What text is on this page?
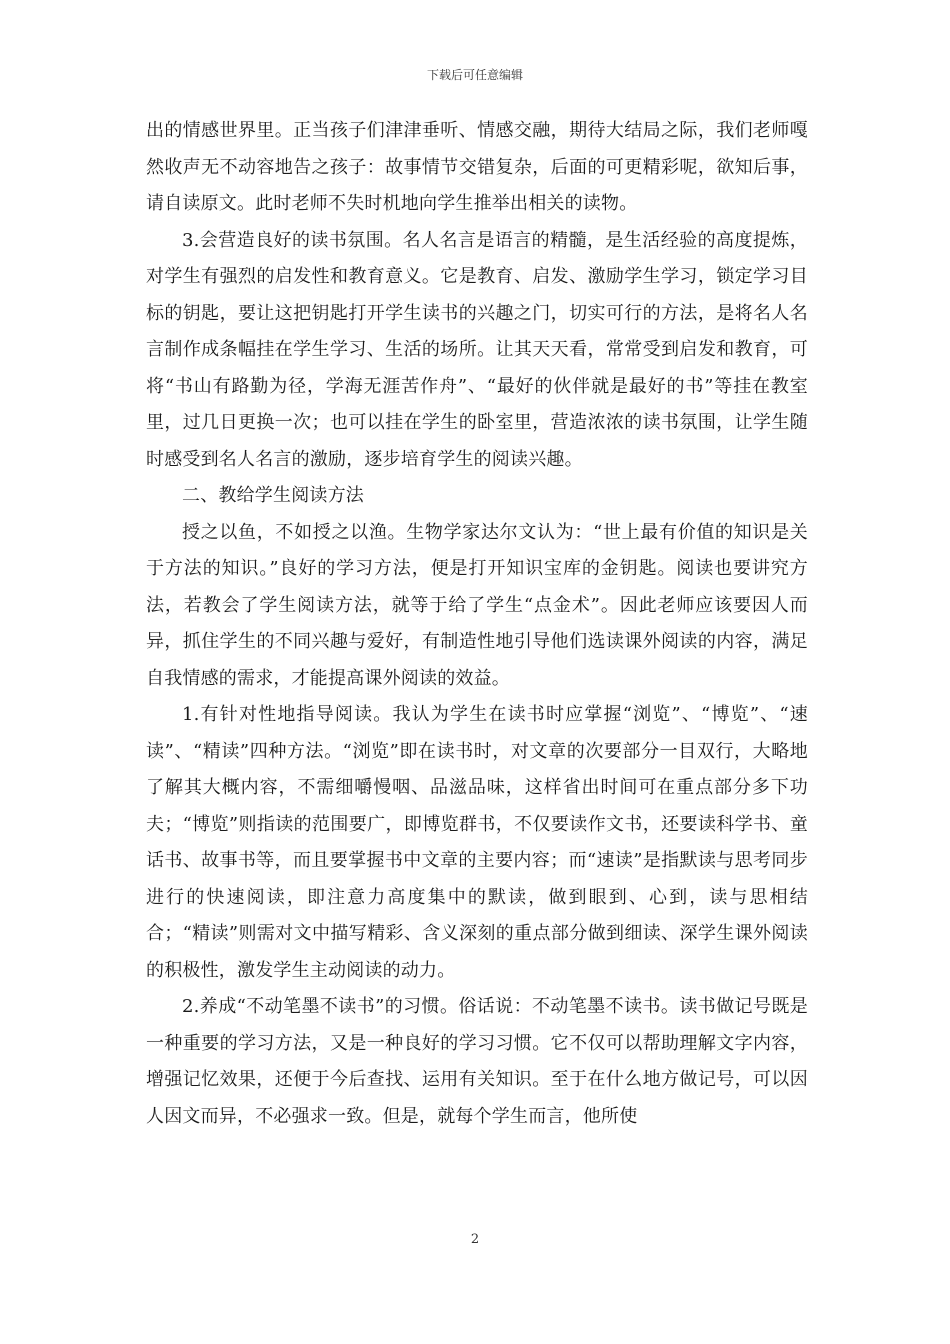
下载后可任意编辑

出的情感世界里。正当孩子们津津垂听、情感交融，期待大结局之际，我们老师嘎然收声无不动容地告之孩子：故事情节交错复杂，后面的可更精彩呢，欲知后事，请自读原文。此时老师不失时机地向学生推举出相关的读物。

3.会营造良好的读书氛围。名人名言是语言的精髓，是生活经验的高度提炼，对学生有强烈的启发性和教育意义。它是教育、启发、激励学生学习，锁定学习目标的钥匙，要让这把钥匙打开学生读书的兴趣之门，切实可行的方法，是将名人名言制作成条幅挂在学生学习、生活的场所。让其天天看，常常受到启发和教育，可将“书山有路勤为径，学海无涯苦作舟”、“最好的伙伴就是最好的书”等挂在教室里，过几日更换一次；也可以挂在学生的卧室里，营造浓浓的读书氛围，让学生随时感受到名人名言的激励，逐步培育学生的阅读兴趣。

二、教给学生阅读方法

授之以鱼，不如授之以渔。生物学家达尔文认为：“世上最有价值的知识是关于方法的知识。”良好的学习方法，便是打开知识宝库的金钥匙。阅读也要讲究方法，若教会了学生阅读方法，就等于给了学生“点金术”。因此老师应该要因人而异，抓住学生的不同兴趣与爱好，有制造性地引导他们选读课外阅读的内容，满足自我情感的需求，才能提高课外阅读的效益。

1.有针对性地指导阅读。我认为学生在读书时应掌握“浏览”、“博览”、“速读”、“精读”四种方法。“浏览”即在读书时，对文章的次要部分一目双行，大略地了解其大概内容，不需细嚼慢咽、品滋品味，这样省出时间可在重点部分多下功夫；“博览”则指读的范围要广，即博览群书，不仅要读作文书，还要读科学书、童话书、故事书等，而且要掌握书中文章的主要内容；而“速读”是指默读与思考同步进行的快速阅读，即注意力高度集中的默读，做到眼到、心到，读与思相结合；“精读”则需对文中描写精彩、含义深刻的重点部分做到细读、深学生课外阅读的积极性，激发学生主动阅读的动力。

2.养成“不动笔墨不读书”的习惯。俗话说：不动笔墨不读书。读书做记号既是一种重要的学习方法，又是一种良好的学习习惯。它不仅可以帮助理解文字内容，增强记忆效果，还便于今后查找、运用有关知识。至于在什么地方做记号，可以因人因文而异，不必强求一致。但是，就每个学生而言，他所使

2
